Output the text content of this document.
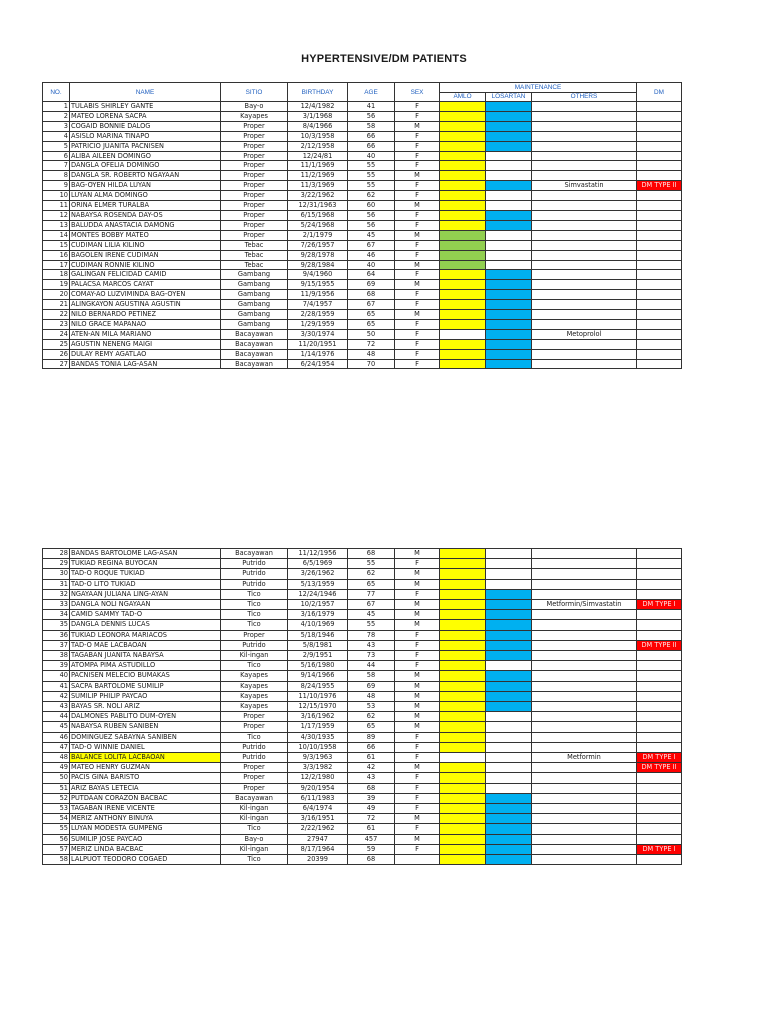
HYPERTENSIVE/DM PATIENTS
NO.	NAME	SITIO	BIRTHDAY	AGE	SEX	MAINTENANCE			DM
						AMLO	LOSARTAN	OTHERS	
1	TULABIS SHIRLEY GANTE	Bay-o	12/4/1982	41	F				
2	MATEO LORENA SACPA	Kayapes	3/1/1968	56	F				
3	COGAID BONNIE DALOG	Proper	8/4/1966	58	M				
4	ASISLO MARINA TINAPO	Proper	10/3/1958	66	F				
5	PATRICIO JUANITA PACNISEN	Proper	2/12/1958	66	F				
6	ALIBA AILEEN DOMINGO	Proper	12/24/81	40	F				
7	DANGLA OFELIA DOMINGO	Proper	11/1/1969	55	F				
8	DANGLA SR. ROBERTO NGAYAAN	Proper	11/2/1969	55	M				
9	BAG-OYEN HILDA LUYAN	Proper	11/3/1969	55	F			Simvastatin	DM TYPE II
10	LUYAN ALMA DOMINGO	Proper	3/22/1962	62	F				
11	ORINA ELMER TURALBA	Proper	12/31/1963	60	M				
12	NABAYSA ROSENDA DAY-OS	Proper	6/15/1968	56	F				
13	BALUDDA ANASTACIA DAMONG	Proper	5/24/1968	56	F				
14	MONTES BOBBY MATEO	Proper	2/1/1979	45	M				
15	CUDIMAN LILIA KILINO	Tebac	7/26/1957	67	F				
16	BAGOLEN IRENE CUDIMAN	Tebac	9/28/1978	46	F				
17	CUDIMAN RONNIE KILINO	Tebac	9/28/1984	40	M				
18	GALINGAN FELICIDAD CAMID	Gambang	9/4/1960	64	F				
19	PALACSA MARCOS CAYAT	Gambang	9/15/1955	69	M				
20	COMAY-AO LUZVIMINDA BAG-OYEN	Gambang	11/9/1956	68	F				
21	ALINGKAYON AGUSTINA AGUSTIN	Gambang	7/4/1957	67	F				
22	NILO BERNARDO PETINEZ	Gambang	2/28/1959	65	M				
23	NILO GRACE MAPANAO	Gambang	1/29/1959	65	F				
24	ATEN-AN MILA MARIANO	Bacayawan	3/30/1974	50	F			Metoprolol	
25	AGUSTIN NENENG MAIGI	Bacayawan	11/20/1951	72	F				
26	DULAY REMY AGATLAO	Bacayawan	1/14/1976	48	F				
27	BANDAS TONIA LAG-ASAN	Bacayawan	6/24/1954	70	F				
28	BANDAS BARTOLOME LAG-ASAN	Bacayawan	11/12/1956	68	M				
29	TUKIAD REGINA BUYOCAN	Putrido	6/5/1969	55	F				
30	TAD-O ROQUE TUKIAD	Putrido	3/26/1962	62	M				
31	TAD-O LITO TUKIAD	Putrido	5/13/1959	65	M				
32	NGAYAAN JULIANA LING-AYAN	Tico	12/24/1946	77	F				
33	DANGLA NOLI NGAYAAN	Tico	10/2/1957	67	M			Metformin/Simvastatin	DM TYPE I
34	CAMID SAMMY TAD-O	Tico	3/16/1979	45	M				
35	DANGLA DENNIS LUCAS	Tico	4/10/1969	55	M				
36	TUKIAD LEONORA MARIACOS	Proper	5/18/1946	78	F				
37	TAD-O MAE LACBAOAN	Putrido	5/8/1981	43	F				DM TYPE II
38	TAGABAN JUANITA NABAYSA	Kil-ingan	2/9/1951	73	F				
39	ATOMPA PIMA ASTUDILLO	Tico	5/16/1980	44	F				
40	PACNISEN MELECIO BUMAKAS	Kayapes	9/14/1966	58	M				
41	SACPA BARTOLOME SUMILIP	Kayapes	8/24/1955	69	M				
42	SUMILIP PHILIP PAYCAO	Kayapes	11/10/1976	48	M				
43	BAYAS SR. NOLI ARIZ	Kayapes	12/15/1970	53	M				
44	DALMONES PABLITO DUM-OYEN	Proper	3/16/1962	62	M				
45	NABAYSA RUBEN SANIBEN	Proper	1/17/1959	65	M				
46	DOMINGUEZ SABAYNA SANIBEN	Tico	4/30/1935	89	F				
47	TAD-O WINNIE DANIEL	Putrido	10/10/1958	66	F				
48	BALANCE LOLITA LACBAOAN	Putrido	9/3/1963	61	F			Metformin	DM TYPE I
49	MATEO HENRY GUZMAN	Proper	3/3/1982	42	M				DM TYPE II
50	PACIS GINA BARISTO	Proper	12/2/1980	43	F				
51	ARIZ BAYAS LETECIA	Proper	9/20/1954	68	F				
52	PUTDAAN CORAZON BACBAC	Bacayawan	6/11/1983	39	F				
53	TAGABAN IRENE VICENTE	Kil-ingan	6/4/1974	49	F				
54	MERIZ ANTHONY BINUYA	Kil-ingan	3/16/1951	72	M				
55	LUYAN MODESTA GUMPENG	Tico	2/22/1962	61	F				
56	SUMILIP JOSE PAYCAO	Bay-o	27947	457	M				
57	MERIZ LINDA BACBAC	Kil-ingan	8/17/1964	59	F				DM TYPE I
58	LALPUOT TEODORO COGAED	Tico	20399	68					
